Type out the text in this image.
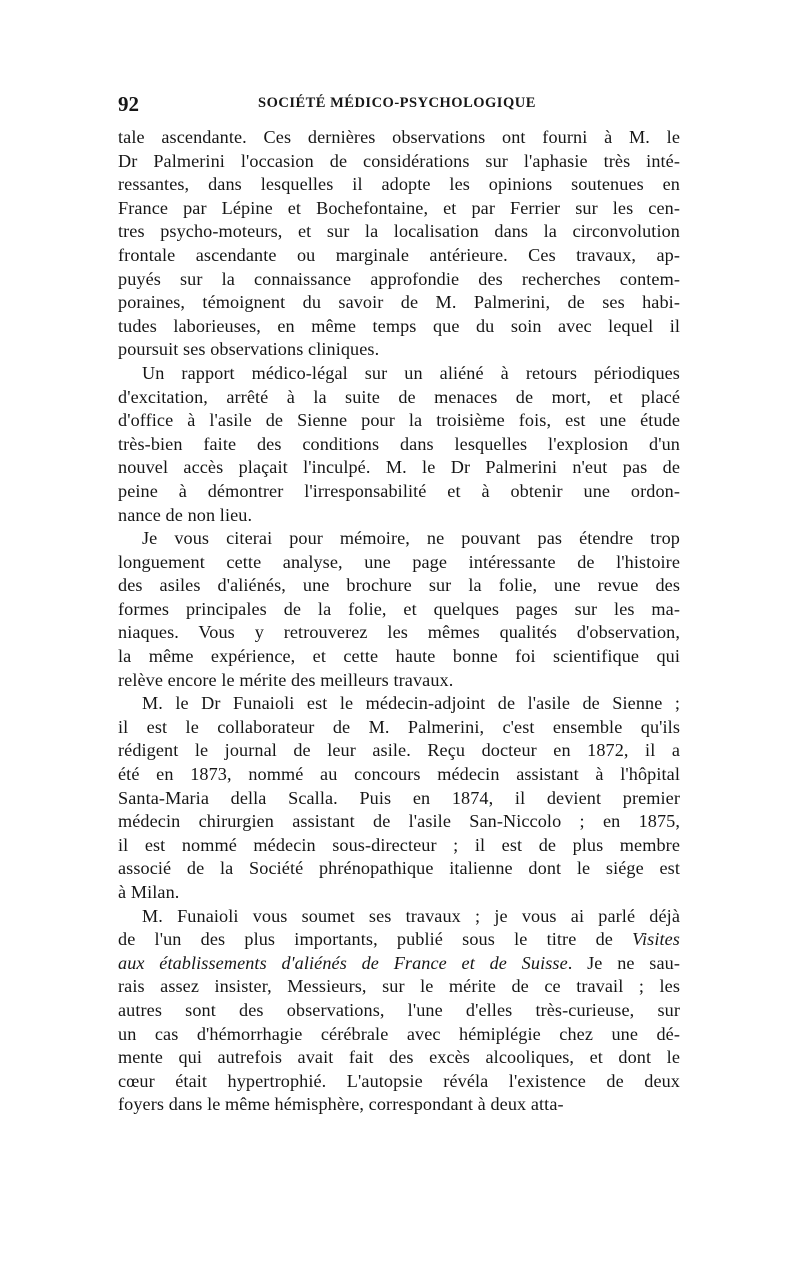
92	SOCIÉTÉ MÉDICO-PSYCHOLOGIQUE
tale ascendante. Ces dernières observations ont fourni à M. le
Dr Palmerini l'occasion de considérations sur l'aphasie très inté-
ressantes, dans lesquelles il adopte les opinions soutenues en
France par Lépine et Bochefontaine, et par Ferrier sur les cen-
tres psycho-moteurs, et sur la localisation dans la circonvolution
frontale ascendante ou marginale antérieure. Ces travaux, ap-
puyés sur la connaissance approfondie des recherches contem-
poraines, témoignent du savoir de M. Palmerini, de ses habi-
tudes laborieuses, en même temps que du soin avec lequel il
poursuit ses observations cliniques.
Un rapport médico-légal sur un aliéné à retours périodiques
d'excitation, arrêté à la suite de menaces de mort, et placé
d'office à l'asile de Sienne pour la troisième fois, est une étude
très-bien faite des conditions dans lesquelles l'explosion d'un
nouvel accès plaçait l'inculpé. M. le Dr Palmerini n'eut pas de
peine à démontrer l'irresponsabilité et à obtenir une ordon-
nance de non lieu.
Je vous citerai pour mémoire, ne pouvant pas étendre trop
longuement cette analyse, une page intéressante de l'histoire
des asiles d'aliénés, une brochure sur la folie, une revue des
formes principales de la folie, et quelques pages sur les ma-
niaques. Vous y retrouverez les mêmes qualités d'observation,
la même expérience, et cette haute bonne foi scientifique qui
relève encore le mérite des meilleurs travaux.
M. le Dr Funaioli est le médecin-adjoint de l'asile de Sienne ;
il est le collaborateur de M. Palmerini, c'est ensemble qu'ils
rédigent le journal de leur asile. Reçu docteur en 1872, il a
été en 1873, nommé au concours médecin assistant à l'hôpital
Santa-Maria della Scalla. Puis en 1874, il devient premier
médecin chirurgien assistant de l'asile San-Niccolo ; en 1875,
il est nommé médecin sous-directeur ; il est de plus membre
associé de la Société phrénopathique italienne dont le siége est
à Milan.
M. Funaioli vous soumet ses travaux ; je vous ai parlé déjà
de l'un des plus importants, publié sous le titre de Visites
aux établissements d'aliénés de France et de Suisse. Je ne sau-
rais assez insister, Messieurs, sur le mérite de ce travail ; les
autres sont des observations, l'une d'elles très-curieuse, sur
un cas d'hémorrhagie cérébrale avec hémiplégie chez une dé-
mente qui autrefois avait fait des excès alcooliques, et dont le
cœur était hypertrophié. L'autopsie révéla l'existence de deux
foyers dans le même hémisphère, correspondant à deux atta-
